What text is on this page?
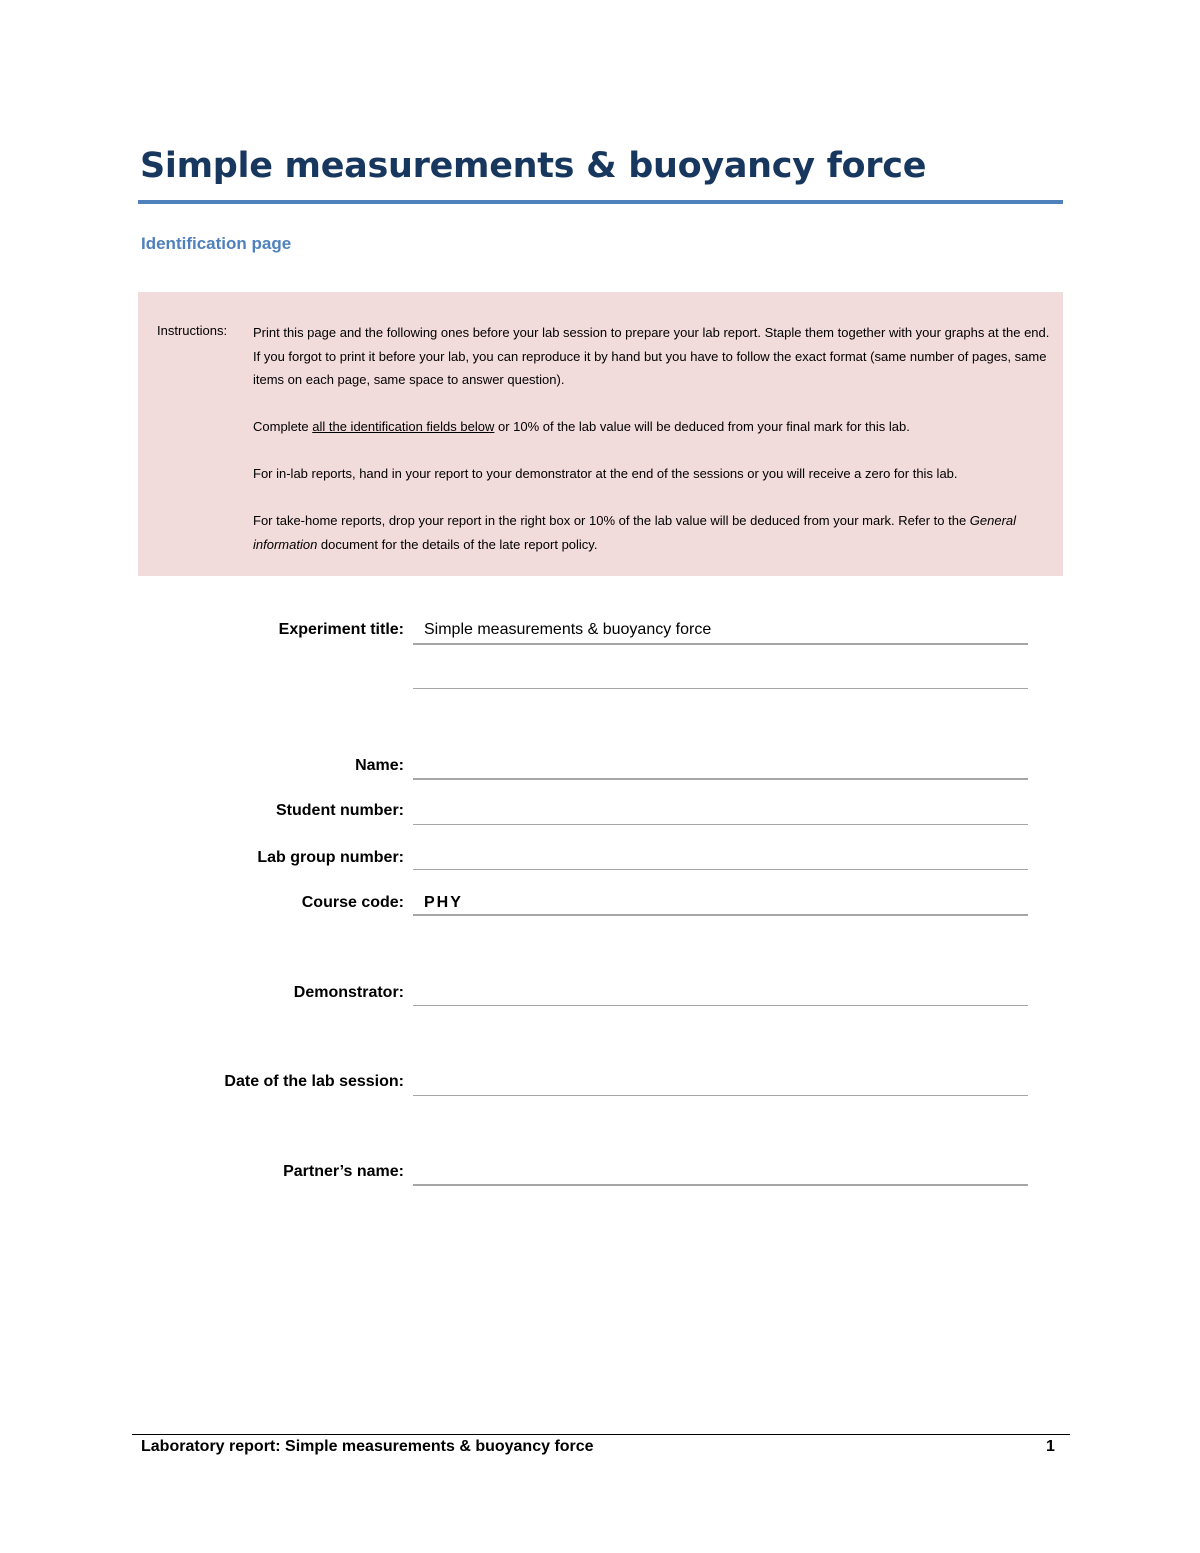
Simple measurements & buoyancy force
Identification page
Instructions: Print this page and the following ones before your lab session to prepare your lab report. Staple them together with your graphs at the end. If you forgot to print it before your lab, you can reproduce it by hand but you have to follow the exact format (same number of pages, same items on each page, same space to answer question).

Complete all the identification fields below or 10% of the lab value will be deduced from your final mark for this lab.

For in-lab reports, hand in your report to your demonstrator at the end of the sessions or you will receive a zero for this lab.

For take-home reports, drop your report in the right box or 10% of the lab value will be deduced from your mark. Refer to the General information document for the details of the late report policy.

Experiment title: Simple measurements & buoyancy force
Name:
Student number:
Lab group number:
Course code: PHY
Demonstrator:
Date of the lab session:
Partner’s name:
Laboratory report: Simple measurements & buoyancy force	1
